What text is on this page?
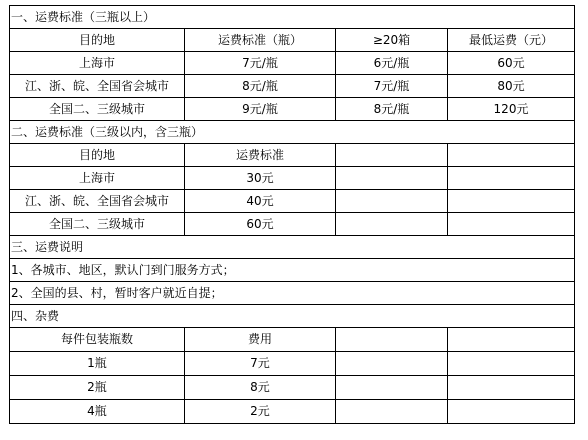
一、运费标准（三瓶以上）			
目的地	运费标准（瓶）	≥20箱	最低运费（元）
上海市	7元/瓶	6元/瓶	60元
江、浙、皖、全国省会城市	8元/瓶	7元/瓶	80元
全国二、三级城市	9元/瓶	8元/瓶	120元
二、运费标准（三级以内，含三瓶）			
目的地	运费标准		
上海市	30元		
江、浙、皖、全国省会城市	40元		
全国二、三级城市	60元		
三、运费说明			
1、各城市、地区，默认门到门服务方式；			
2、全国的县、村，暂时客户就近自提；			
四、杂费			
每件包装瓶数	费用		
1瓶	7元		
2瓶	8元		
4瓶	2元		
